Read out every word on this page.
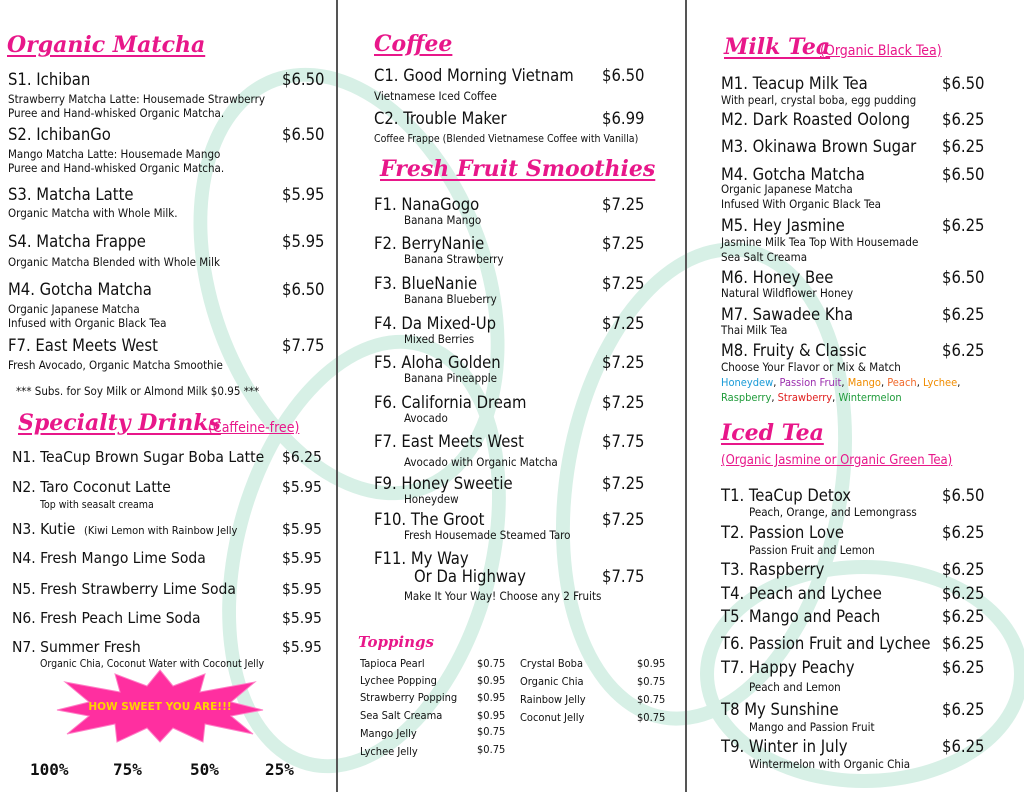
Organic Matcha
S1. Ichiban	$6.50
Strawberry Matcha Latte: Housemade Strawberry
Puree and Hand-whisked Organic Matcha.
S2. IchibanGo	$6.50
Mango Matcha Latte: Housemade Mango
Puree and Hand-whisked Organic Matcha.
S3. Matcha Latte	$5.95
Organic Matcha with Whole Milk.
S4. Matcha Frappe	$5.95
Organic Matcha Blended with Whole Milk
M4. Gotcha Matcha	$6.50
Organic Japanese Matcha
Infused with Organic Black Tea
F7. East Meets West	$7.75
Fresh Avocado, Organic Matcha Smoothie
*** Subs. for Soy Milk or Almond Milk $0.95 ***
Specialty Drinks
(Caffeine-free)
N1. TeaCup Brown Sugar Boba Latte $6.25
N2. Taro Coconut Latte	$5.95
Top with seasalt creama
N3. Kutie (Kiwi Lemon with Rainbow Jelly	$5.95
N4. Fresh Mango Lime Soda	$5.95
N5. Fresh Strawberry Lime Soda	$5.95
N6. Fresh Peach Lime Soda	$5.95
N7. Summer Fresh	$5.95
Organic Chia, Coconut Water with Coconut Jelly
HOW SWEET YOU ARE!!!
100%	75%	50%	25%
Coffee
C1. Good Morning Vietnam $6.50
Vietnamese Iced Coffee
C2. Trouble Maker	$6.99
Coffee Frappe (Blended Vietnamese Coffee with Vanilla)
Fresh Fruit Smoothies
F1. NanaGogo	$7.25
Banana Mango
F2. BerryNanie	$7.25
Banana Strawberry
F3. BlueNanie	$7.25
Banana Blueberry
F4. Da Mixed-Up	$7.25
Mixed Berries
F5. Aloha Golden	$7.25
Banana Pineapple
F6. California Dream	$7.25
Avocado
F7. East Meets West	$7.75
Avocado with Organic Matcha
F9. Honey Sweetie	$7.25
Honeydew
F10. The Groot	$7.25
Fresh Housemade Steamed Taro
F11. My Way
Or Da Highway	$7.75
Make It Your Way! Choose any 2 Fruits
Toppings
Tapioca Pearl	$0.75
Lychee Popping	$0.95
Strawberry Popping $0.95
Sea Salt Creama	$0.95
Mango Jelly	$0.75
Lychee Jelly	$0.75
Crystal Boba	$0.95
Organic Chia	$0.75
Rainbow Jelly	$0.75
Coconut Jelly	$0.75
Milk Tea
(Organic Black Tea)
M1. Teacup Milk Tea	$6.50
With pearl, crystal boba, egg pudding
M2. Dark Roasted Oolong $6.25
M3. Okinawa Brown Sugar $6.25
M4. Gotcha Matcha	$6.50
Organic Japanese Matcha
Infused With Organic Black Tea
M5. Hey Jasmine	$6.25
Jasmine Milk Tea Top With Housemade
Sea Salt Creama
M6. Honey Bee	$6.50
Natural Wildflower Honey
M7. Sawadee Kha	$6.25
Thai Milk Tea
M8. Fruity & Classic	$6.25
Choose Your Flavor or Mix & Match
Honeydew, Passion Fruit, Mango, Peach, Lychee,
Raspberry, Strawberry, Wintermelon
Iced Tea
(Organic Jasmine or Organic Green Tea)
T1. TeaCup Detox	$6.50
Peach, Orange, and Lemongrass
T2. Passion Love	$6.25
Passion Fruit and Lemon
T3. Raspberry	$6.25
T4. Peach and Lychee	$6.25
T5. Mango and Peach	$6.25
T6. Passion Fruit and Lychee $6.25
T7. Happy Peachy	$6.25
Peach and Lemon
T8 My Sunshine	$6.25
Mango and Passion Fruit
T9. Winter in July	$6.25
Wintermelon with Organic Chia
